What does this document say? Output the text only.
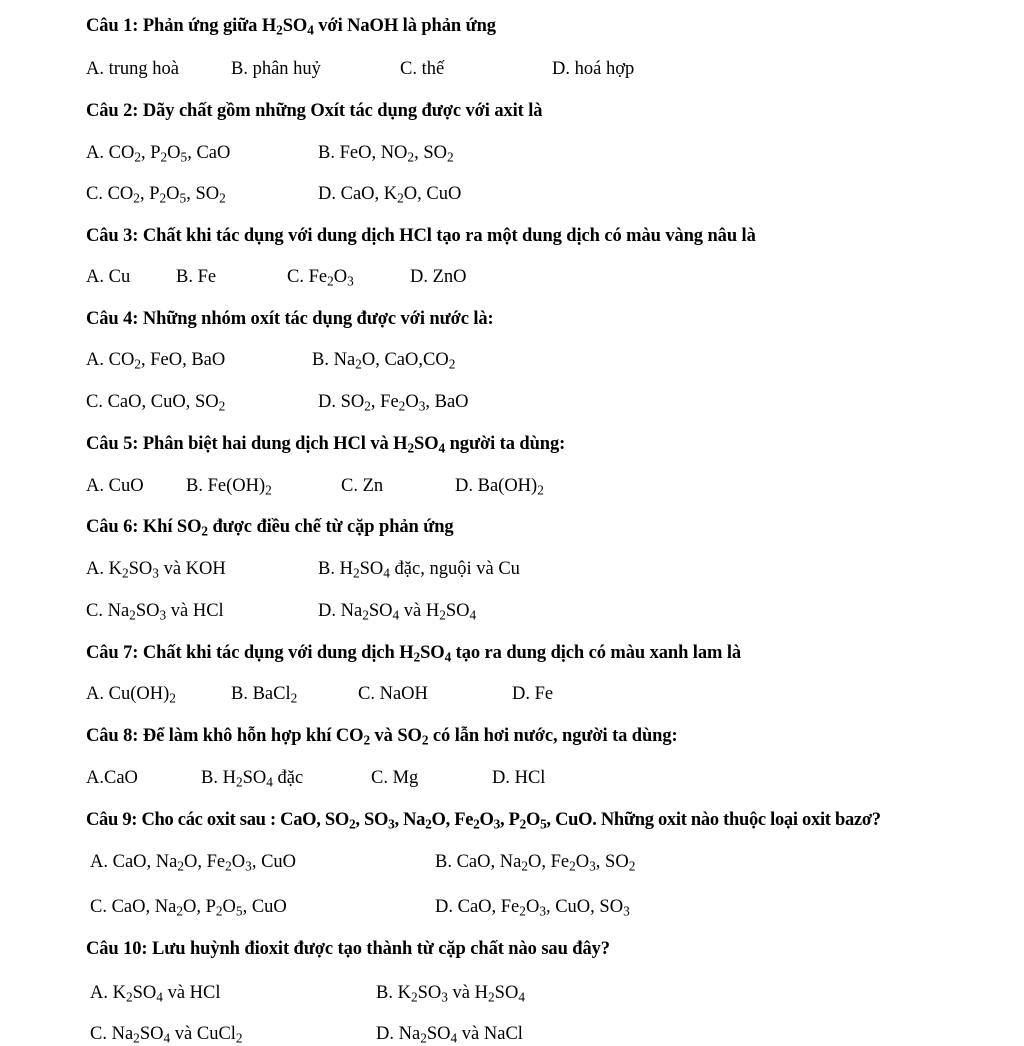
Câu 1: Phản ứng giữa $H_2SO_4$ với NaOH là phản ứng
A. trung hoà	B. phân huỷ	C. thế	D. hoá hợp
Câu 2: Dãy chất gồm những Oxít tác dụng được với axit là
A. $CO_2$, $P_2O_5$, CaO	B. FeO, $NO_2$, $SO_2$
C. $CO_2$, $P_2O_5$, $SO_2$	D. CaO, $K_2O$, CuO
Câu 3: Chất khi tác dụng với dung dịch HCl tạo ra một dung dịch có màu vàng nâu là
A. Cu B. Fe	C. $Fe_2O_3$	D. ZnO
Câu 4: Những nhóm oxít tác dụng được với nước là:
A. $CO_2$, FeO, BaO	B. $Na_2O$, $CaO,CO_2$
C. CaO, CuO, $SO_2$	D. $SO_2$, $Fe_2O_3$, BaO
Câu 5: Phân biệt hai dung dịch HCl và $H_2SO_4$ người ta dùng:
A. CuO B. $Fe(OH)_2$	C. Zn	D. $Ba(OH)_2$
Câu 6: Khí $SO_2$ được điều chế từ cặp phản ứng
A. $K_2SO_3$ và KOH	B. $H_2SO_4$ đặc, nguội và Cu
C. $Na_2SO_3$ và HCl	D. $Na_2SO_4$ và $H_2SO_4$
Câu 7: Chất khi tác dụng với dung dịch $H_2SO_4$ tạo ra dung dịch có màu xanh lam là
A. $Cu(OH)_2$	B. BaCl$_2$	C. NaOH	D. Fe
Câu 8: Để làm khô hỗn hợp khí $CO_2$ và $SO_2$ có lẫn hơi nước, người ta dùng:
A.CaO	B. $H_2SO_4$ đặc	C. Mg	D. HCl
Câu 9: Cho các oxit sau : CaO, $SO_2$, $SO_3$, $Na_2O$, $Fe_2O_3$, $P_2O_5$, CuO. Những oxit nào thuộc loại oxit bazơ?
A. CaO, $Na_2O$, $Fe_2O_3$, CuO	B. CaO, $Na_2O$, $Fe_2O_3$, $SO_2$
C. CaO, $Na_2O$, $P_2O_5$, CuO	D. CaO, $Fe_2O_3$, CuO, $SO_3$
Câu 10: Lưu huỳnh đioxit được tạo thành từ cặp chất nào sau đây?
A. $K_2SO_4$ và HCl	B. $K_2SO_3$ và $H_2SO_4$
C. $Na_2SO_4$ và CuCl$_2$	D. $Na_2SO_4$ và NaCl
